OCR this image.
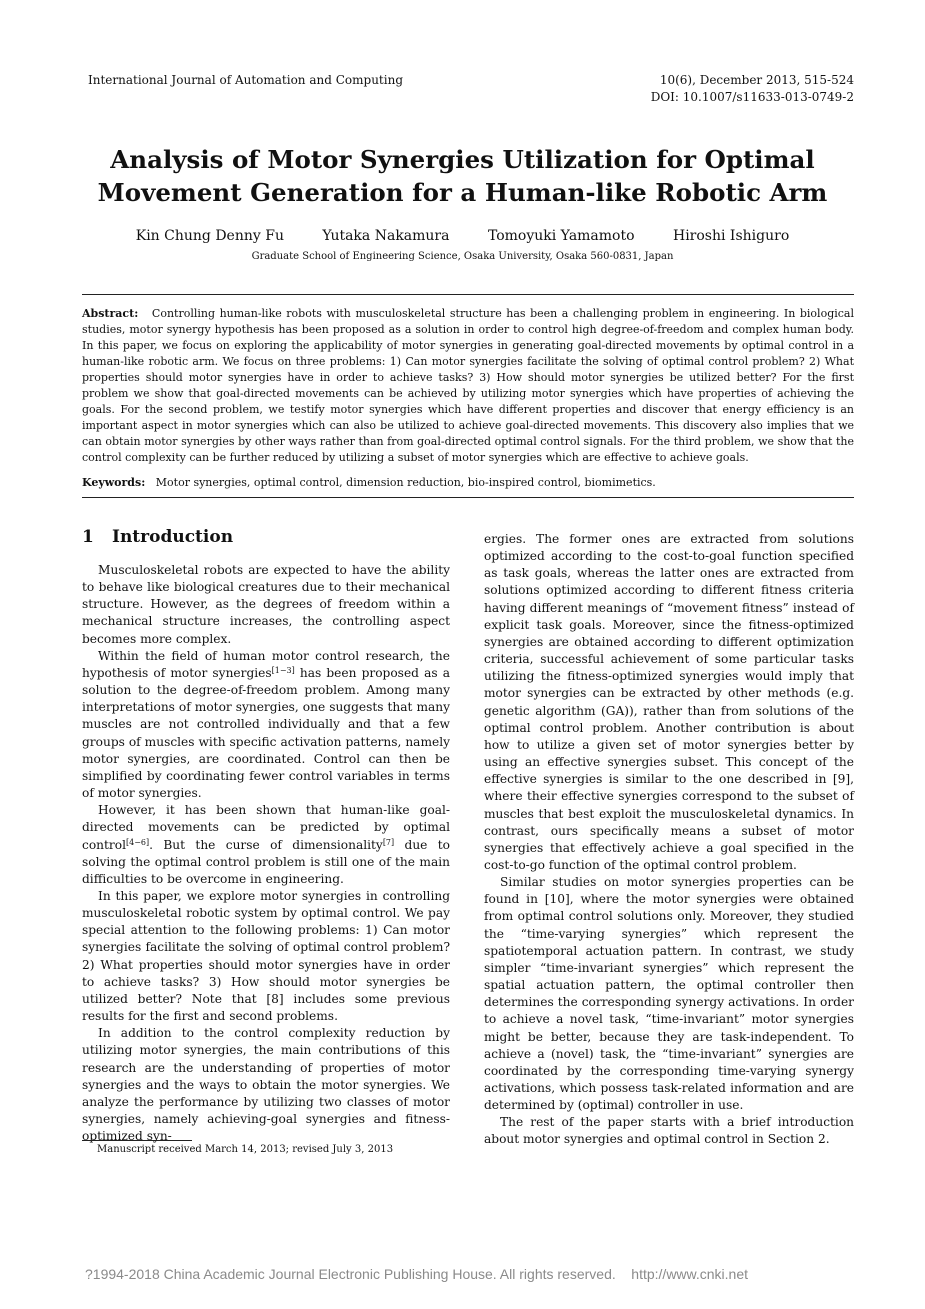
International Journal of Automation and Computing	10(6), December 2013, 515-524
DOI: 10.1007/s11633-013-0749-2
Analysis of Motor Synergies Utilization for Optimal
Movement Generation for a Human-like Robotic Arm
Kin Chung Denny Fu	Yutaka Nakamura	Tomoyuki Yamamoto	Hiroshi Ishiguro
Graduate School of Engineering Science, Osaka University, Osaka 560-0831, Japan

Abstract: Controlling human-like robots with musculoskeletal structure has been a challenging problem in engineering. In biological studies, motor synergy hypothesis has been proposed as a solution in order to control high degree-of-freedom and complex human body. In this paper, we focus on exploring the applicability of motor synergies in generating goal-directed movements by optimal control in a human-like robotic arm. We focus on three problems: 1) Can motor synergies facilitate the solving of optimal control problem? 2) What properties should motor synergies have in order to achieve tasks? 3) How should motor synergies be utilized better? For the first problem we show that goal-directed movements can be achieved by utilizing motor synergies which have properties of achieving the goals. For the second problem, we testify motor synergies which have different properties and discover that energy efficiency is an important aspect in motor synergies which can also be utilized to achieve goal-directed movements. This discovery also implies that we can obtain motor synergies by other ways rather than from goal-directed optimal control signals. For the third problem, we show that the control complexity can be further reduced by utilizing a subset of motor synergies which are effective to achieve goals.

Keywords: Motor synergies, optimal control, dimension reduction, bio-inspired control, biomimetics.

1 Introduction

Musculoskeletal robots are expected to have the ability to behave like biological creatures due to their mechanical structure. However, as the degrees of freedom within a mechanical structure increases, the controlling aspect becomes more complex.

Within the field of human motor control research, the hypothesis of motor synergies[1−3] has been proposed as a solution to the degree-of-freedom problem. Among many interpretations of motor synergies, one suggests that many muscles are not controlled individually and that a few groups of muscles with specific activation patterns, namely motor synergies, are coordinated. Control can then be simplified by coordinating fewer control variables in terms of motor synergies.

However, it has been shown that human-like goal-directed movements can be predicted by optimal control[4−6]. But the curse of dimensionality[7] due to solving the optimal control problem is still one of the main difficulties to be overcome in engineering.

In this paper, we explore motor synergies in controlling musculoskeletal robotic system by optimal control. We pay special attention to the following problems: 1) Can motor synergies facilitate the solving of optimal control problem? 2) What properties should motor synergies have in order to achieve tasks? 3) How should motor synergies be utilized better? Note that [8] includes some previous results for the first and second problems.

In addition to the control complexity reduction by utilizing motor synergies, the main contributions of this research are the understanding of properties of motor synergies and the ways to obtain the motor synergies. We analyze the performance by utilizing two classes of motor synergies, namely achieving-goal synergies and fitness-optimized syn-

ergies. The former ones are extracted from solutions optimized according to the cost-to-goal function specified as task goals, whereas the latter ones are extracted from solutions optimized according to different fitness criteria having different meanings of “movement fitness” instead of explicit task goals. Moreover, since the fitness-optimized synergies are obtained according to different optimization criteria, successful achievement of some particular tasks utilizing the fitness-optimized synergies would imply that motor synergies can be extracted by other methods (e.g. genetic algorithm (GA)), rather than from solutions of the optimal control problem. Another contribution is about how to utilize a given set of motor synergies better by using an effective synergies subset. This concept of the effective synergies is similar to the one described in [9], where their effective synergies correspond to the subset of muscles that best exploit the musculoskeletal dynamics. In contrast, ours specifically means a subset of motor synergies that effectively achieve a goal specified in the cost-to-go function of the optimal control problem.

Similar studies on motor synergies properties can be found in [10], where the motor synergies were obtained from optimal control solutions only. Moreover, they studied the “time-varying synergies” which represent the spatiotemporal actuation pattern. In contrast, we study simpler “time-invariant synergies” which represent the spatial actuation pattern, the optimal controller then determines the corresponding synergy activations. In order to achieve a novel task, “time-invariant” motor synergies might be better, because they are task-independent. To achieve a (novel) task, the “time-invariant” synergies are coordinated by the corresponding time-varying synergy activations, which possess task-related information and are determined by (optimal) controller in use.

The rest of the paper starts with a brief introduction about motor synergies and optimal control in Section 2.

Manuscript received March 14, 2013; revised July 3, 2013
?1994-2018 China Academic Journal Electronic Publishing House. All rights reserved.    http://www.cnki.net
